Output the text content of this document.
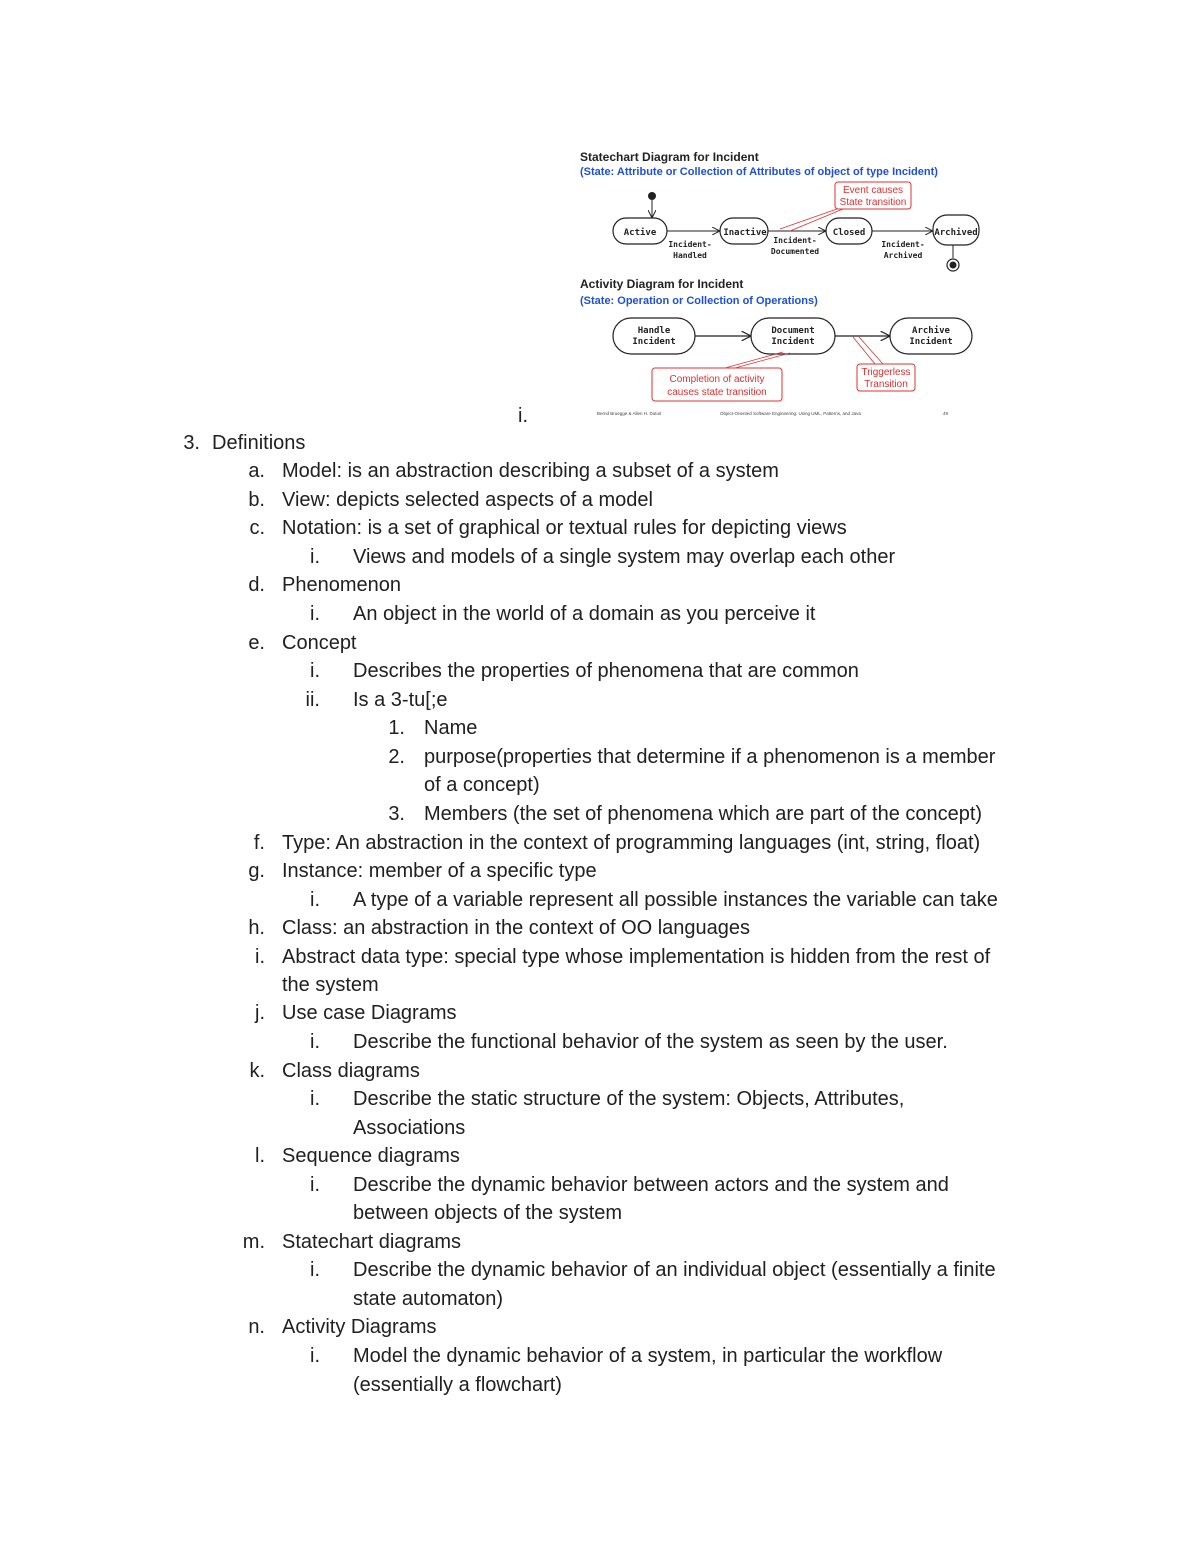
Statechart Diagram for Incident
(State: Attribute or Collection of Attributes of object of type Incident)
Active	Inactive	Closed	Archived
Incident-
Handled
Incident-
Documented
Incident-
Archived
Event causes
State transition
Activity Diagram for Incident
(State: Operation or Collection of Operations)
Handle
Incident
Document
Incident
Archive
Incident
Completion of activity
causes state transition
Triggerless
Transition
Bernd Bruegge & Allen H. Dutoit	Object-Oriented Software Engineering: Using UML, Patterns, and Java	49
i.
3. Definitions
a. Model: is an abstraction describing a subset of a system
b. View: depicts selected aspects of a model
c. Notation: is a set of graphical or textual rules for depicting views
i. Views and models of a single system may overlap each other
d. Phenomenon
i. An object in the world of a domain as you perceive it
e. Concept
i. Describes the properties of phenomena that are common
ii. Is a 3-tu[;e
1. Name
2. purpose(properties that determine if a phenomenon is a member
of a concept)
3. Members (the set of phenomena which are part of the concept)
f. Type: An abstraction in the context of programming languages (int, string, float)
g. Instance: member of a specific type
i. A type of a variable represent all possible instances the variable can take
h. Class: an abstraction in the context of OO languages
i. Abstract data type: special type whose implementation is hidden from the rest of
the system
j. Use case Diagrams
i. Describe the functional behavior of the system as seen by the user.
k. Class diagrams
i. Describe the static structure of the system: Objects, Attributes,
Associations
l. Sequence diagrams
i. Describe the dynamic behavior between actors and the system and
between objects of the system
m. Statechart diagrams
i. Describe the dynamic behavior of an individual object (essentially a finite
state automaton)
n. Activity Diagrams
i. Model the dynamic behavior of a system, in particular the workflow
(essentially a flowchart)
